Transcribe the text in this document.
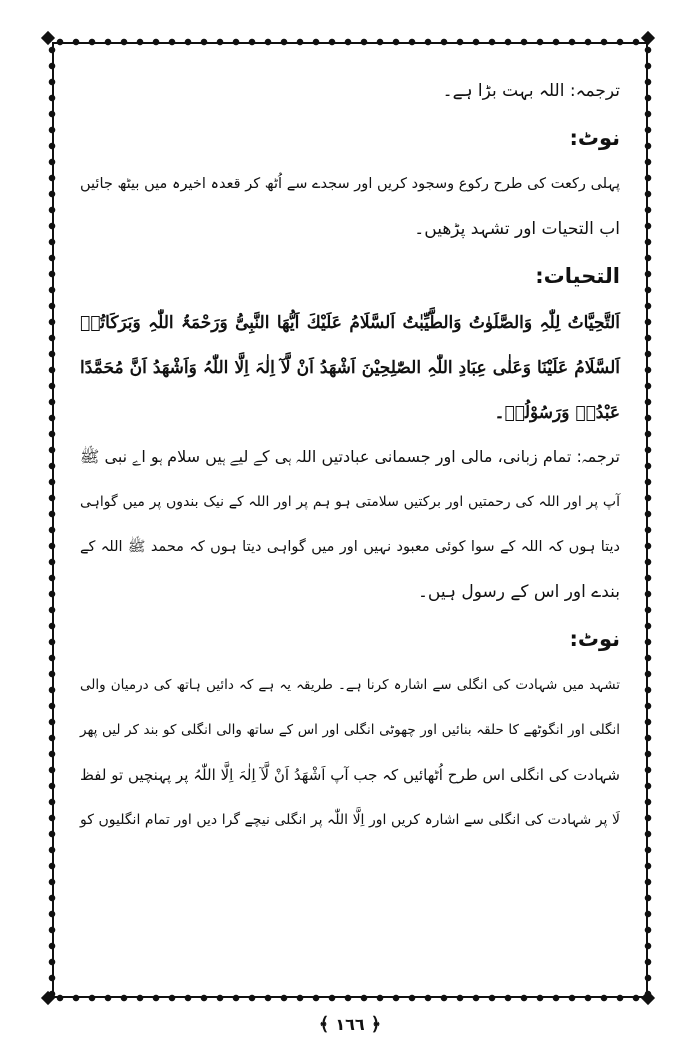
ترجمہ: اللہ بہت بڑا ہے۔
نوٹ:
پہلی رکعت کی طرح رکوع وسجود کریں اور سجدے سے اُٹھ کر قعدہ اخیرہ میں بیٹھ جائیں
اب التحیات اور تشہد پڑھیں۔
التحیات:
اَلتَّحِیَّاتُ لِلّٰہِ وَالصَّلَوٰتُ وَالطَّیِّبٰتُ اَلسَّلَامُ عَلَیْكَ اَیُّھَا النَّبِیُّ وَرَحْمَۃُ اللّٰہِ وَبَرَكَاتُہٗ
اَلسَّلَامُ عَلَیْنَا وَعَلٰی عِبَادِ اللّٰہِ الصّٰلِحِیْنَ اَشْھَدُ اَنْ لَّآ اِلٰہَ اِلَّا اللّٰہُ وَاَشْھَدُ اَنَّ مُحَمَّدًا
عَبْدُہٗ وَرَسُوْلُہٗ۔
ترجمہ: تمام زبانی، مالی اور جسمانی عبادتیں اللہ ہی کے لیے ہیں سلام ہو اے نبی ﷺ
آپ پر اور اللہ کی رحمتیں اور برکتیں سلامتی ہو ہم پر اور اللہ کے نیک بندوں پر میں گواہی
دیتا ہوں کہ اللہ کے سوا کوئی معبود نہیں اور میں گواہی دیتا ہوں کہ محمد ﷺ اللہ کے
بندے اور اس کے رسول ہیں۔
نوٹ:
تشہد میں شہادت کی انگلی سے اشارہ کرنا ہے۔ طریقہ یہ ہے کہ دائیں ہاتھ کی درمیان والی
انگلی اور انگوٹھے کا حلقہ بنائیں اور چھوٹی انگلی اور اس کے ساتھ والی انگلی کو بند کر لیں پھر
شہادت کی انگلی اس طرح اُٹھائیں کہ جب آپ اَشْھَدُ اَنْ لَّآ اِلٰہَ اِلَّا اللّٰہُ پر پہنچیں تو لفظ
لَا پر شہادت کی انگلی سے اشارہ کریں اور اِلَّا اللّٰہ پر انگلی نیچے گرا دیں اور تمام انگلیوں کو
﴾ ١٦٦ ﴿
